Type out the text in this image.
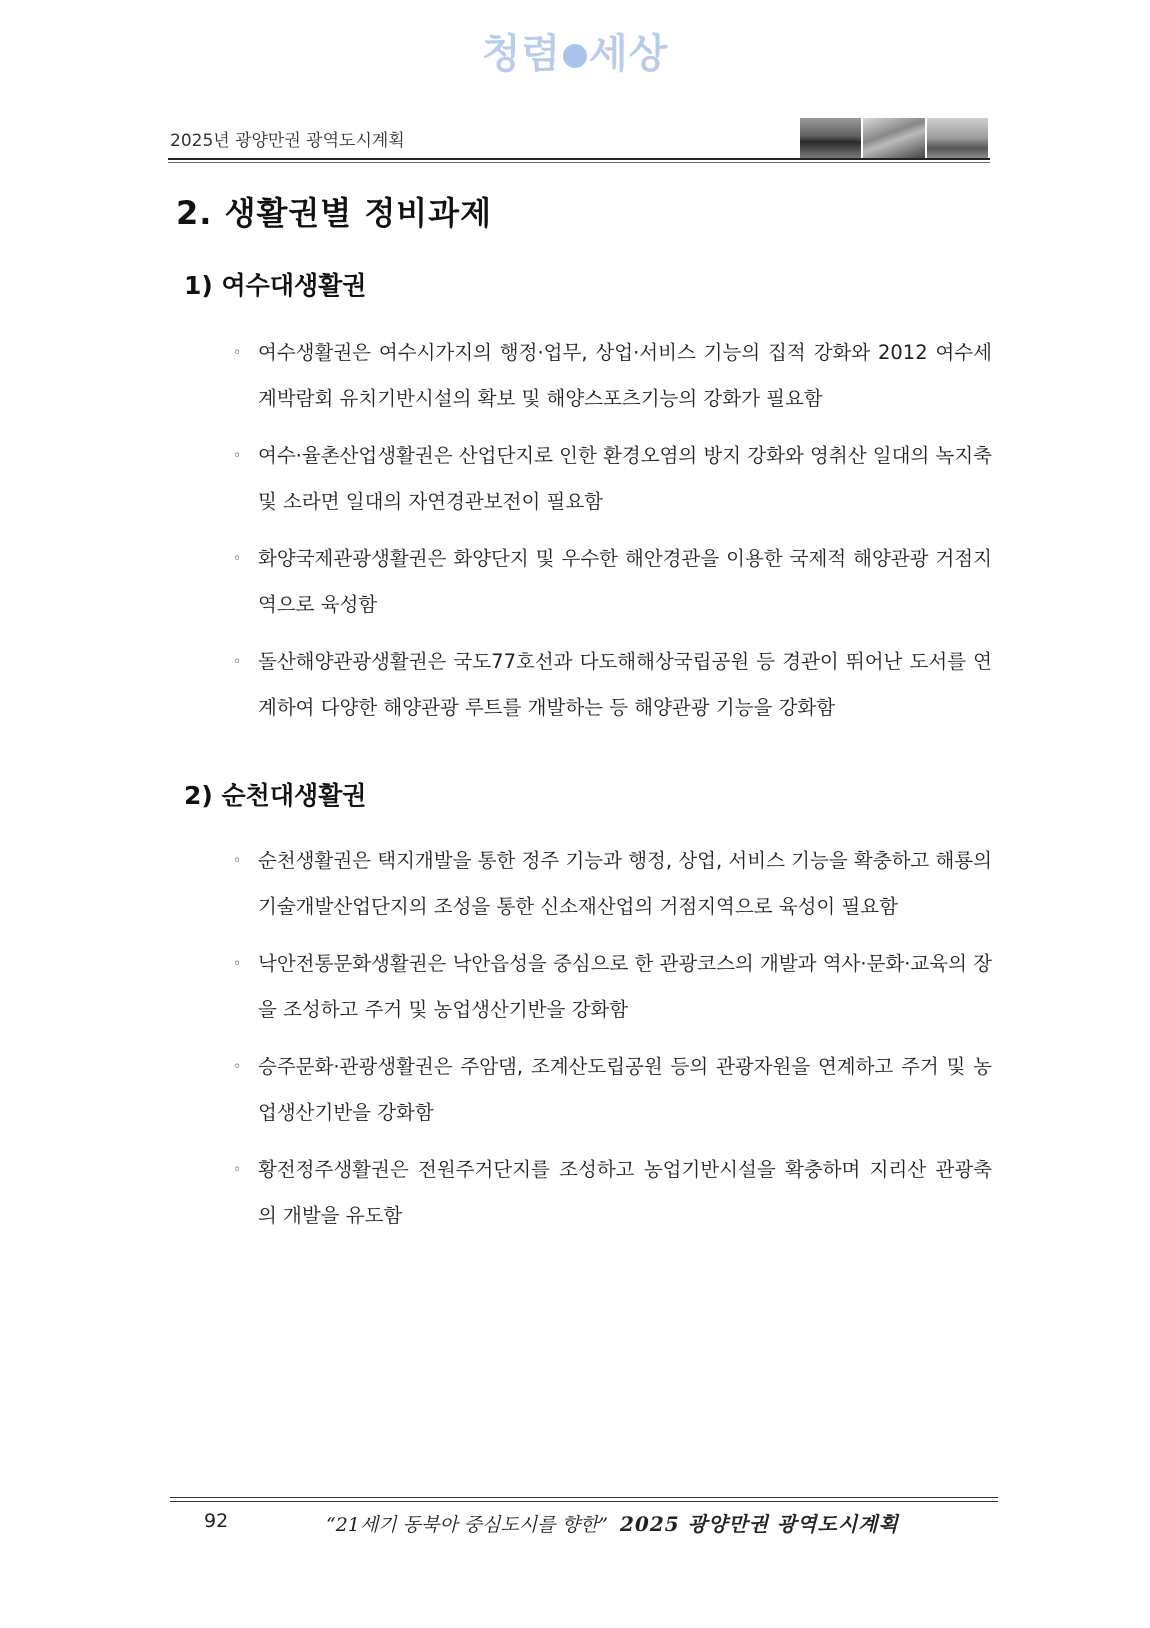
청렴 세상
2025년 광양만권 광역도시계획
2. 생활권별 정비과제
1) 여수대생활권
◦ 여수생활권은 여수시가지의 행정·업무, 상업·서비스 기능의 집적 강화와 2012 여수세계박람회 유치기반시설의 확보 및 해양스포츠기능의 강화가 필요함
◦ 여수·율촌산업생활권은 산업단지로 인한 환경오염의 방지 강화와 영취산 일대의 녹지축 및 소라면 일대의 자연경관보전이 필요함
◦ 화양국제관광생활권은 화양단지 및 우수한 해안경관을 이용한 국제적 해양관광 거점지역으로 육성함
◦ 돌산해양관광생활권은 국도77호선과 다도해해상국립공원 등 경관이 뛰어난 도서를 연계하여 다양한 해양관광 루트를 개발하는 등 해양관광 기능을 강화함
2) 순천대생활권
◦ 순천생활권은 택지개발을 통한 정주 기능과 행정, 상업, 서비스 기능을 확충하고 해룡의 기술개발산업단지의 조성을 통한 신소재산업의 거점지역으로 육성이 필요함
◦ 낙안전통문화생활권은 낙안읍성을 중심으로 한 관광코스의 개발과 역사·문화·교육의 장을 조성하고 주거 및 농업생산기반을 강화함
◦ 승주문화·관광생활권은 주암댐, 조계산도립공원 등의 관광자원을 연계하고 주거 및 농업생산기반을 강화함
◦ 황전정주생활권은 전원주거단지를 조성하고 농업기반시설을 확충하며 지리산 관광축의 개발을 유도함
92	“21세기 동북아 중심도시를 향한” 2025 광양만권 광역도시계획
